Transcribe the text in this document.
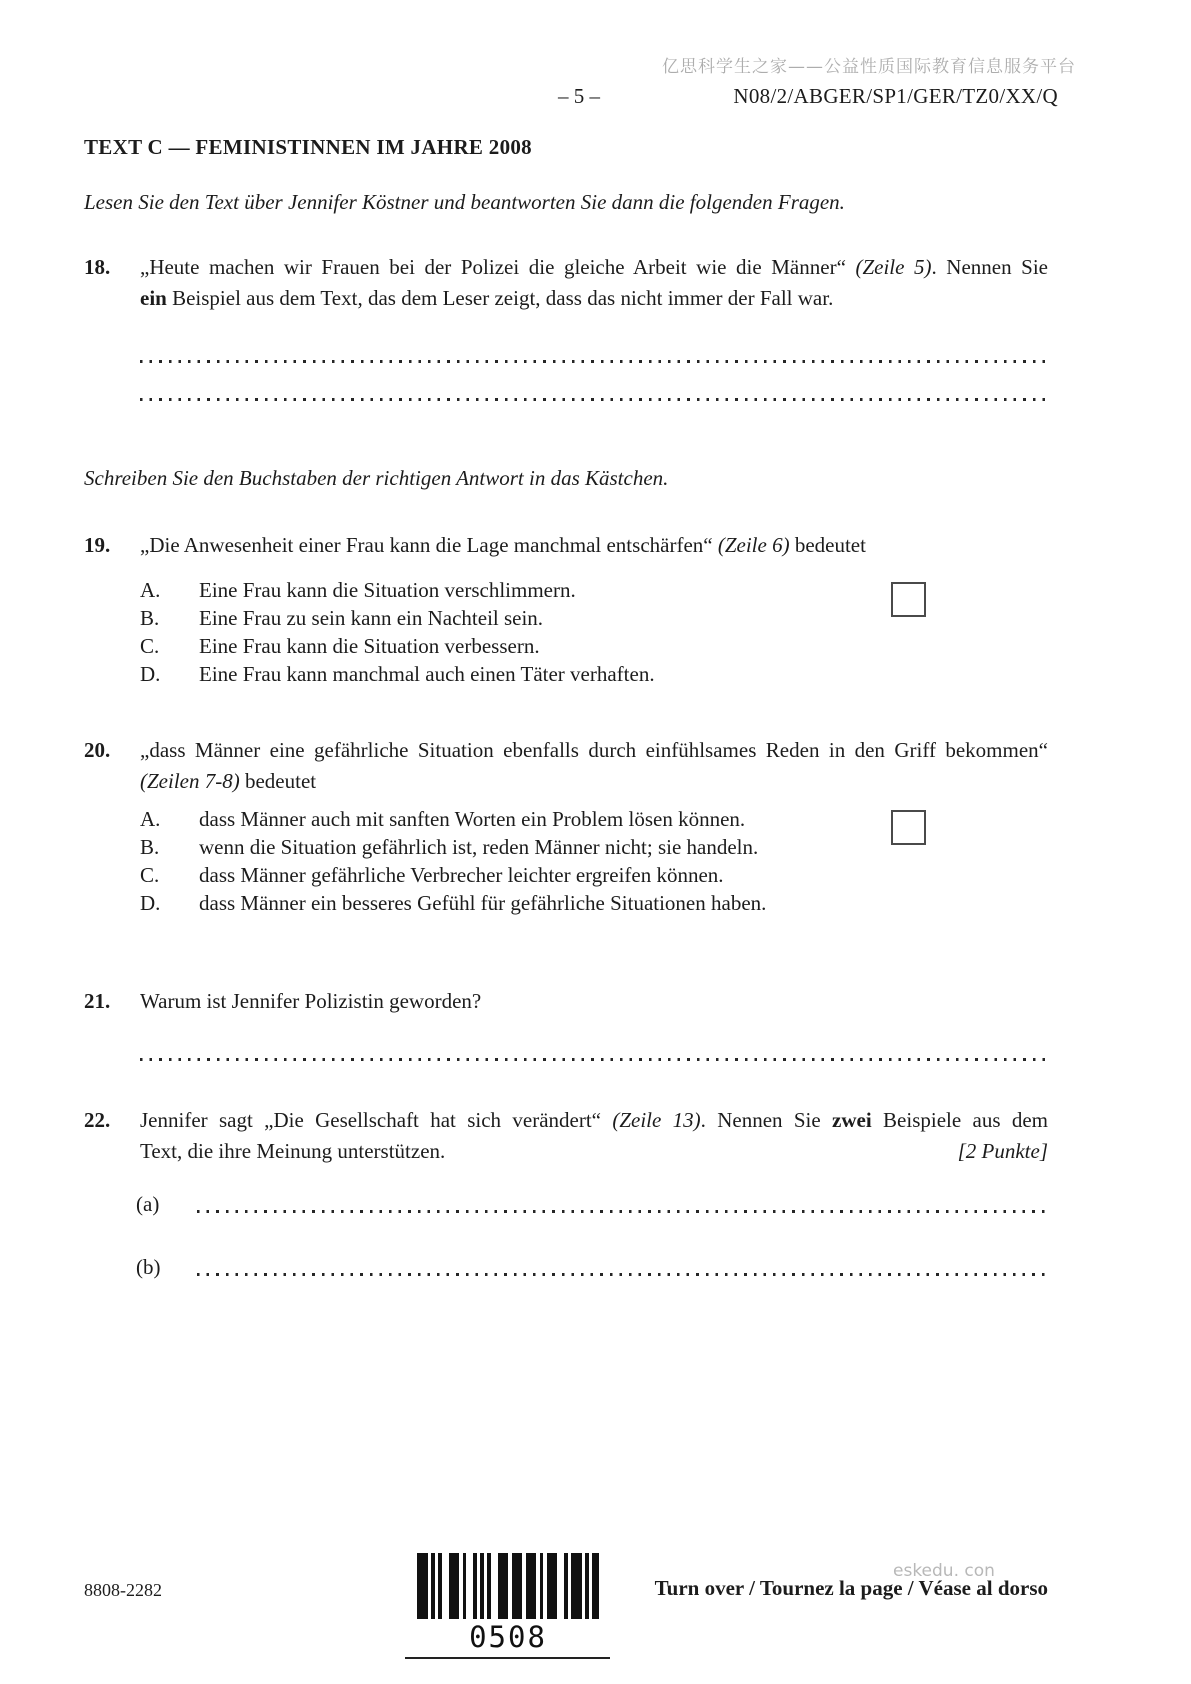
亿思科学生之家——公益性质国际教育信息服务平台
– 5 –	N08/2/ABGER/SP1/GER/TZ0/XX/Q
TEXT C — FEMINISTINNEN IM JAHRE 2008
Lesen Sie den Text über Jennifer Köstner und beantworten Sie dann die folgenden Fragen.
18. „Heute machen wir Frauen bei der Polizei die gleiche Arbeit wie die Männer“ (Zeile 5). Nennen Sie
ein Beispiel aus dem Text, das dem Leser zeigt, dass das nicht immer der Fall war.
Schreiben Sie den Buchstaben der richtigen Antwort in das Kästchen.
19. „Die Anwesenheit einer Frau kann die Lage manchmal entschärfen“ (Zeile 6) bedeutet
A. Eine Frau kann die Situation verschlimmern.
B. Eine Frau zu sein kann ein Nachteil sein.
C. Eine Frau kann die Situation verbessern.
D. Eine Frau kann manchmal auch einen Täter verhaften.
20. „dass Männer eine gefährliche Situation ebenfalls durch einfühlsames Reden in den Griff bekommen“
(Zeilen 7-8) bedeutet
A. dass Männer auch mit sanften Worten ein Problem lösen können.
B. wenn die Situation gefährlich ist, reden Männer nicht; sie handeln.
C. dass Männer gefährliche Verbrecher leichter ergreifen können.
D. dass Männer ein besseres Gefühl für gefährliche Situationen haben.
21. Warum ist Jennifer Polizistin geworden?
22. Jennifer sagt „Die Gesellschaft hat sich verändert“ (Zeile 13). Nennen Sie zwei Beispiele aus dem
Text, die ihre Meinung unterstützen.	[2 Punkte]
(a)
(b)
8808-2282
0508
eskedu. con
Turn over / Tournez la page / Véase al dorso
